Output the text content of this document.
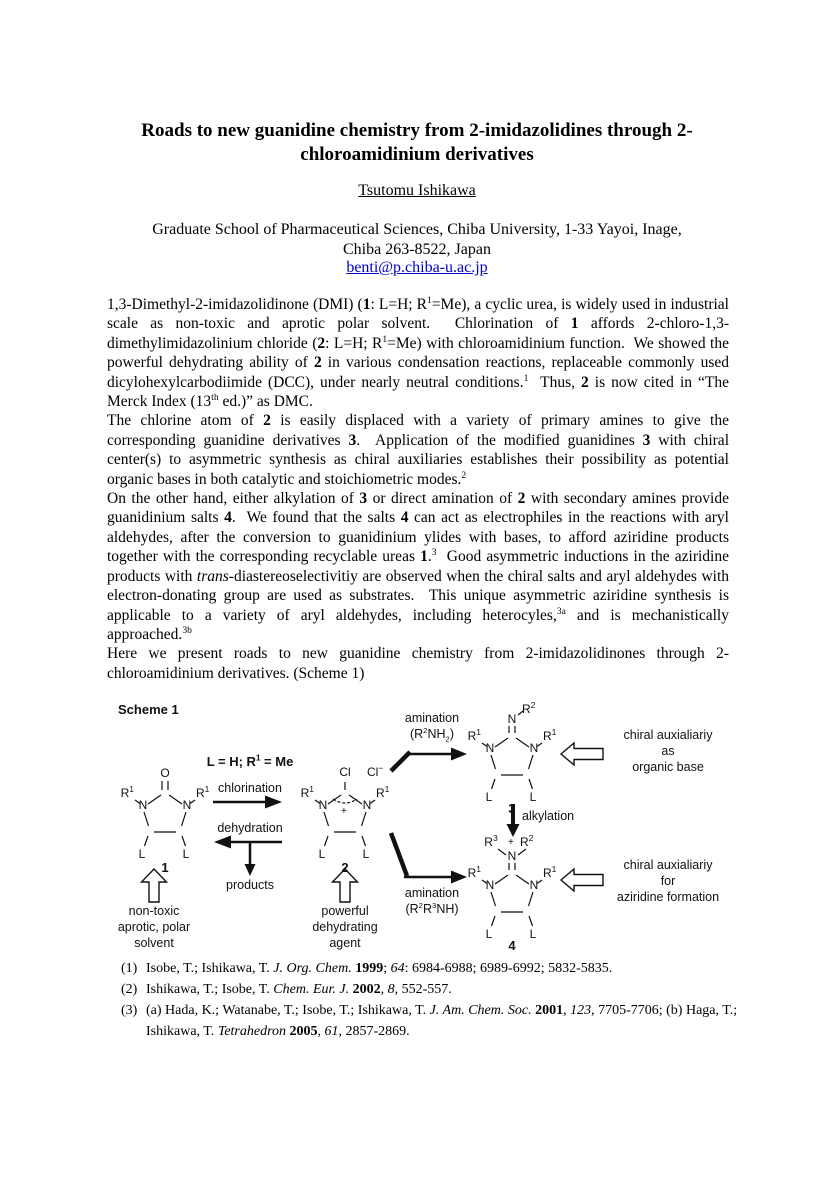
Roads to new guanidine chemistry from 2-imidazolidines through 2-
chloroamidinium derivatives
Tsutomu Ishikawa
Graduate School of Pharmaceutical Sciences, Chiba University, 1-33 Yayoi, Inage,
Chiba 263-8522, Japan
benti@p.chiba-u.ac.jp

1,3-Dimethyl-2-imidazolidinone (DMI) (1: L=H; $R^1=Me$), a cyclic urea, is widely used in industrial scale as non-toxic and aprotic polar solvent.  Chlorination of 1 affords 2-chloro-1,3-dimethylimidazolinium chloride (2: L=H; $R^1=Me$) with chloroamidinium function.  We showed the powerful dehydrating ability of 2 in various condensation reactions, replaceable commonly used dicylohexylcarbodiimide (DCC), under nearly neutral conditions.$^1$  Thus, 2 is now cited in “The Merck Index (13th ed.)” as DMC.

The chlorine atom of 2 is easily displaced with a variety of primary amines to give the corresponding guanidine derivatives 3.  Application of the modified guanidines 3 with chiral center(s) to asymmetric synthesis as chiral auxiliaries establishes their possibility as potential organic bases in both catalytic and stoichiometric modes.$^2$

On the other hand, either alkylation of 3 or direct amination of 2 with secondary amines provide guanidinium salts 4.  We found that the salts 4 can act as electrophiles in the reactions with aryl aldehydes, after the conversion to guanidinium ylides with bases, to afford aziridine products together with the corresponding recyclable ureas 1.$^3$  Good asymmetric inductions in the aziridine products with trans-diastereoselectivitiy are observed when the chiral salts and aryl aldehydes with electron-donating group are used as substrates.  This unique asymmetric aziridine synthesis is applicable to a variety of aryl aldehydes, including heterocyles,$^{3a}$ and is mechanistically approached.$^{3b}$

Here we present roads to new guanidine chemistry from 2-imidazolidinones through 2-chloroamidinium derivatives. (Scheme 1)

Scheme 1
L = H; $R^1 = Me$
chlorination
dehydration
products
amination
$(R^2NH_2)$
amination
$(R^2R^3NH)$
alkylation
O
N	N
$R^1$	$R^1$
L	L
1
Cl	Cl−
+
N	N
$R^1$	$R^1$
L	L
2
N
$R^2$
N	N
$R^1$	$R^1$
L	L
3
$R^3 + R^2$
N
N	N
$R^1$	$R^1$
L	L
4
non-toxic
aprotic, polar
solvent
powerful
dehydrating
agent
chiral auxialiariy
as
organic base
chiral auxialiariy
for
aziridine formation
(1) Isobe, T.; Ishikawa, T. J. Org. Chem. 1999; 64: 6984-6988; 6989-6992; 5832-5835.
(2) Ishikawa, T.; Isobe, T. Chem. Eur. J. 2002, 8, 552-557.
(3) (a) Hada, K.; Watanabe, T.; Isobe, T.; Ishikawa, T. J. Am. Chem. Soc. 2001, 123, 7705-7706; (b) Haga, T.; Ishikawa, T. Tetrahedron 2005, 61, 2857-2869.
